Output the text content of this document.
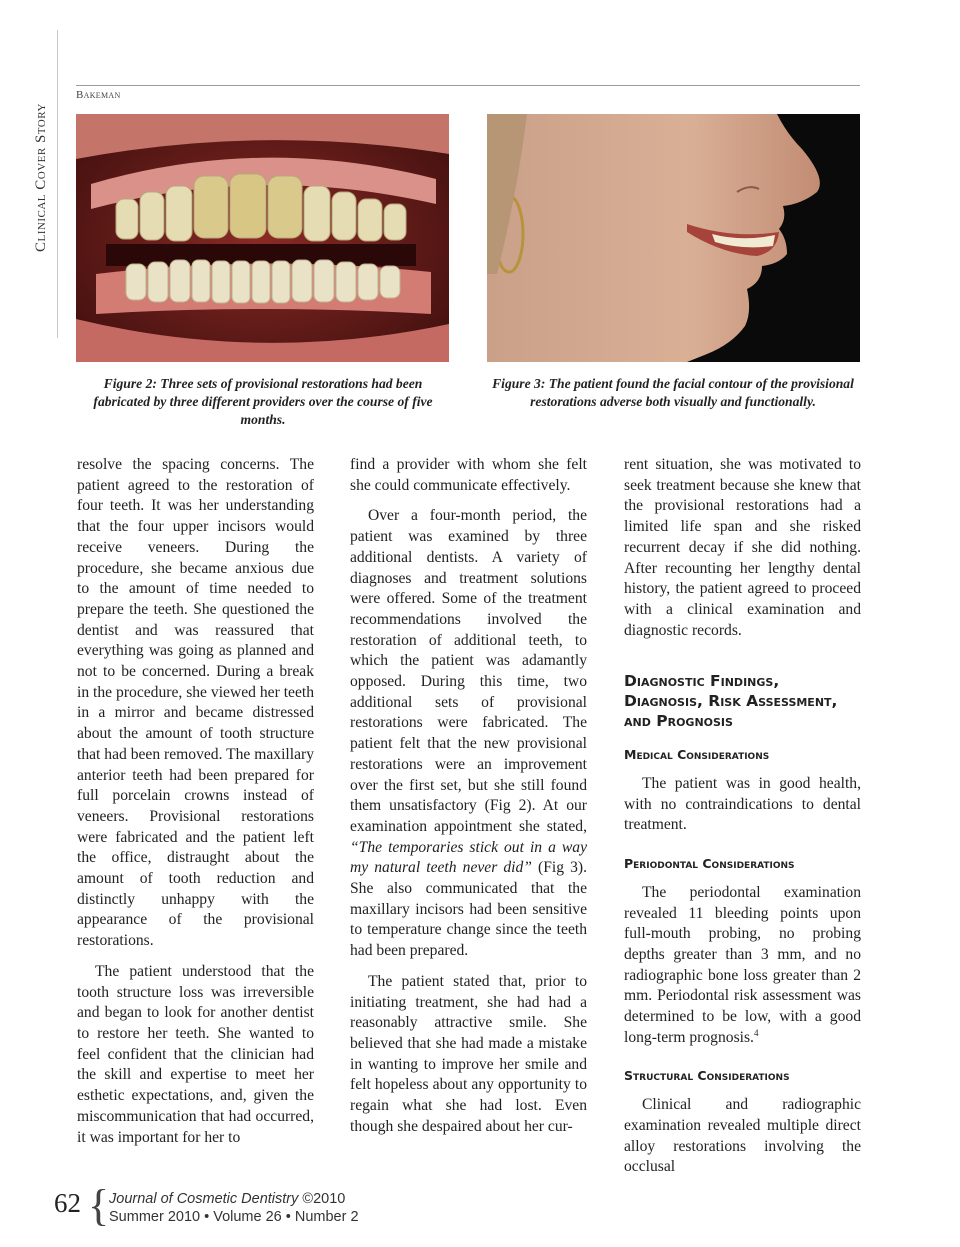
Clinical Cover Story
Bakeman
Figure 2: Three sets of provisional restorations had been fabricated by three different providers over the course of five months.
Figure 3: The patient found the facial contour of the provisional restorations adverse both visually and functionally.

resolve the spacing concerns. The patient agreed to the restoration of four teeth. It was her understanding that the four upper incisors would receive veneers. During the procedure, she became anxious due to the amount of time needed to prepare the teeth. She questioned the dentist and was reassured that everything was going as planned and not to be concerned. During a break in the procedure, she viewed her teeth in a mirror and became distressed about the amount of tooth structure that had been removed. The maxillary anterior teeth had been prepared for full porcelain crowns instead of veneers. Provisional restorations were fabricated and the patient left the office, distraught about the amount of tooth reduction and distinctly unhappy with the appearance of the provisional restorations.

The patient understood that the tooth structure loss was irreversible and began to look for another dentist to restore her teeth. She wanted to feel confident that the clinician had the skill and expertise to meet her esthetic expectations, and, given the miscommunication that had occurred, it was important for her to

find a provider with whom she felt she could communicate effectively.

Over a four-month period, the patient was examined by three additional dentists. A variety of diagnoses and treatment solutions were offered. Some of the treatment recommendations involved the restoration of additional teeth, to which the patient was adamantly opposed. During this time, two additional sets of provisional restorations were fabricated. The patient felt that the new provisional restorations were an improvement over the first set, but she still found them unsatisfactory (Fig 2). At our examination appointment she stated, “The temporaries stick out in a way my natural teeth never did” (Fig 3). She also communicated that the maxillary incisors had been sensitive to temperature change since the teeth had been prepared.

The patient stated that, prior to initiating treatment, she had had a reasonably attractive smile. She believed that she had made a mistake in wanting to improve her smile and felt hopeless about any opportunity to regain what she had lost. Even though she despaired about her cur-

rent situation, she was motivated to seek treatment because she knew that the provisional restorations had a limited life span and she risked recurrent decay if she did nothing. After recounting her lengthy dental history, the patient agreed to proceed with a clinical examination and diagnostic records.

Diagnostic Findings, Diagnosis, Risk Assessment, and Prognosis
Medical Considerations

The patient was in good health, with no contraindications to dental treatment.

Periodontal Considerations

The periodontal examination revealed 11 bleeding points upon full-mouth probing, no probing depths greater than 3 mm, and no radiographic bone loss greater than 2 mm. Periodontal risk assessment was determined to be low, with a good long-term prognosis.$^4$

Structural Considerations

Clinical and radiographic examination revealed multiple direct alloy restorations involving the occlusal

62 { Journal of Cosmetic Dentistry ©2010
Summer 2010 • Volume 26 • Number 2
